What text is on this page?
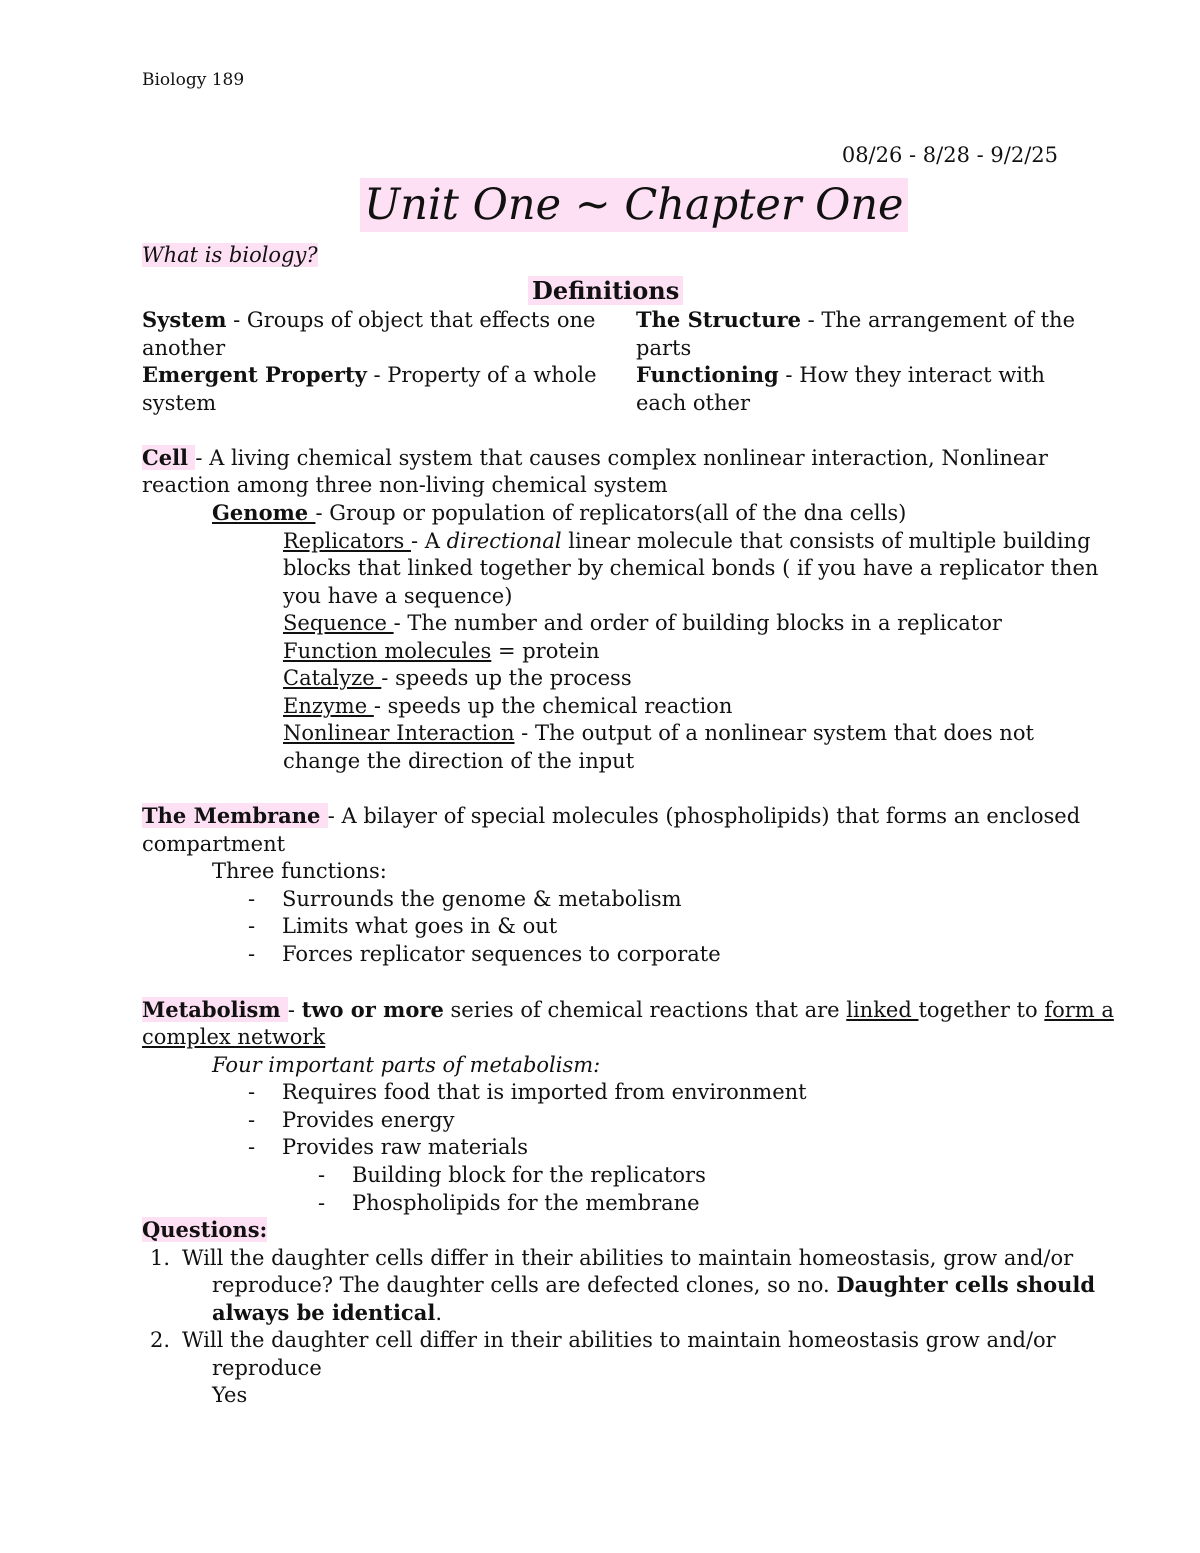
Biology 189
08/26 - 8/28 - 9/2/25
Unit One ~ Chapter One
What is biology?
Definitions
System - Groups of object that effects one
another
Emergent Property - Property of a whole
system
The Structure - The arrangement of the
parts
Functioning - How they interact with
each other
Cell - A living chemical system that causes complex nonlinear interaction, Nonlinear
reaction among three non-living chemical system
Genome - Group or population of replicators(all of the dna cells)
Replicators - A directional linear molecule that consists of multiple building
blocks that linked together by chemical bonds ( if you have a replicator then
you have a sequence)
Sequence - The number and order of building blocks in a replicator
Function molecules = protein
Catalyze - speeds up the process
Enzyme - speeds up the chemical reaction
Nonlinear Interaction - The output of a nonlinear system that does not
change the direction of the input
The Membrane - A bilayer of special molecules (phospholipids) that forms an enclosed
compartment
Three functions:
- Surrounds the genome & metabolism
- Limits what goes in & out
- Forces replicator sequences to corporate
Metabolism - two or more series of chemical reactions that are linked together to form a
complex network
Four important parts of metabolism:
- Requires food that is imported from environment
- Provides energy
- Provides raw materials
- Building block for the replicators
- Phospholipids for the membrane
Questions:
1. Will the daughter cells differ in their abilities to maintain homeostasis, grow and/or
reproduce? The daughter cells are defected clones, so no. Daughter cells should
always be identical.
2. Will the daughter cell differ in their abilities to maintain homeostasis grow and/or
reproduce
Yes
